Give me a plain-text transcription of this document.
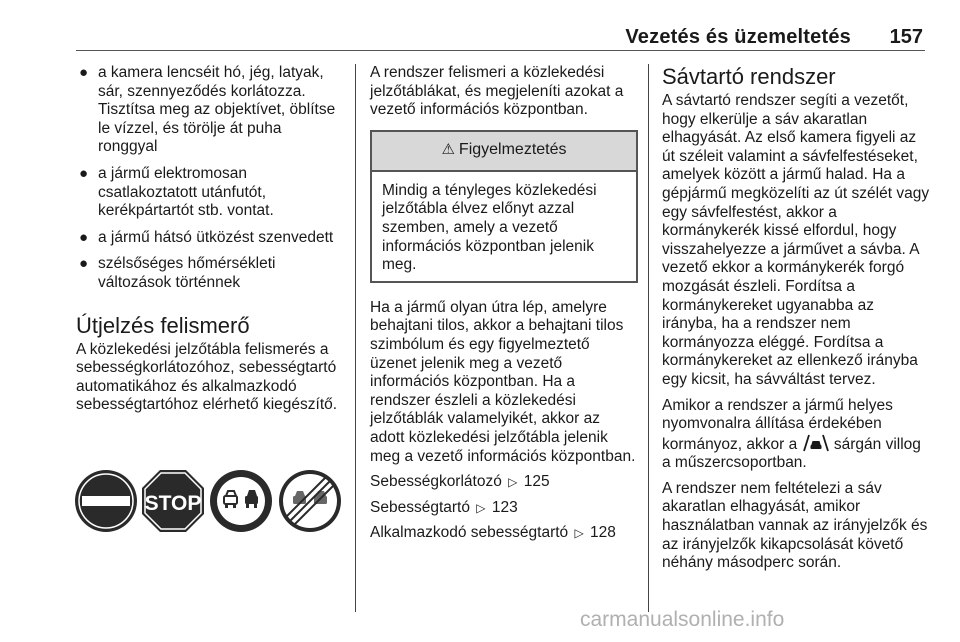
Vezetés és üzemeltetés 157
● a kamera lencséit hó, jég, latyak, sár, szennyeződés korlátozza. Tisztítsa meg az objektívet, öblítse le vízzel, és törölje át puha ronggyal
● a jármű elektromosan csatlakoztatott utánfutót, kerékpártartót stb. vontat.
● a jármű hátsó ütközést szenvedett
● szélsőséges hőmérsékleti változások történnek
Útjelzés felismerő

A közlekedési jelzőtábla felismerés a sebességkorlátozóhoz, sebességtartó automatikához és alkalmazkodó sebességtartóhoz elérhető kiegészítő.

STOP

A rendszer felismeri a közlekedési jelzőtáblákat, és megjeleníti azokat a vezető információs központban.

⚠ Figyelmeztetés
Mindig a tényleges közlekedési jelzőtábla élvez előnyt azzal szemben, amely a vezető információs központban jelenik meg.

Ha a jármű olyan útra lép, amelyre behajtani tilos, akkor a behajtani tilos szimbólum és egy figyelmeztető üzenet jelenik meg a vezető információs központban. Ha a rendszer észleli a közlekedési jelzőtáblák valamelyikét, akkor az adott közlekedési jelzőtábla jelenik meg a vezető információs központban.

Sebességkorlátozó ▷ 125

Sebességtartó ▷ 123

Alkalmazkodó sebességtartó ▷ 128

Sávtartó rendszer

A sávtartó rendszer segíti a vezetőt, hogy elkerülje a sáv akaratlan elhagyását. Az első kamera figyeli az út széleit valamint a sávfelfestéseket, amelyek között a jármű halad. Ha a gépjármű megközelíti az út szélét vagy egy sávfelfestést, akkor a kormánykerék kissé elfordul, hogy visszahelyezze a járművet a sávba. A vezető ekkor a kormánykerék forgó mozgását észleli. Fordítsa a kormánykereket ugyanabba az irányba, ha a rendszer nem kormányozza eléggé. Fordítsa a kormánykereket az ellenkező irányba egy kicsit, ha sávváltást tervez.

Amikor a rendszer a jármű helyes nyomvonalra állítása érdekében kormányoz, akkor a sárgán villog a műszercsoportban.

A rendszer nem feltételezi a sáv akaratlan elhagyását, amikor használatban vannak az irányjelzők és az irányjelzők kikapcsolását követő néhány másodperc során.

carmanualsonline.info
